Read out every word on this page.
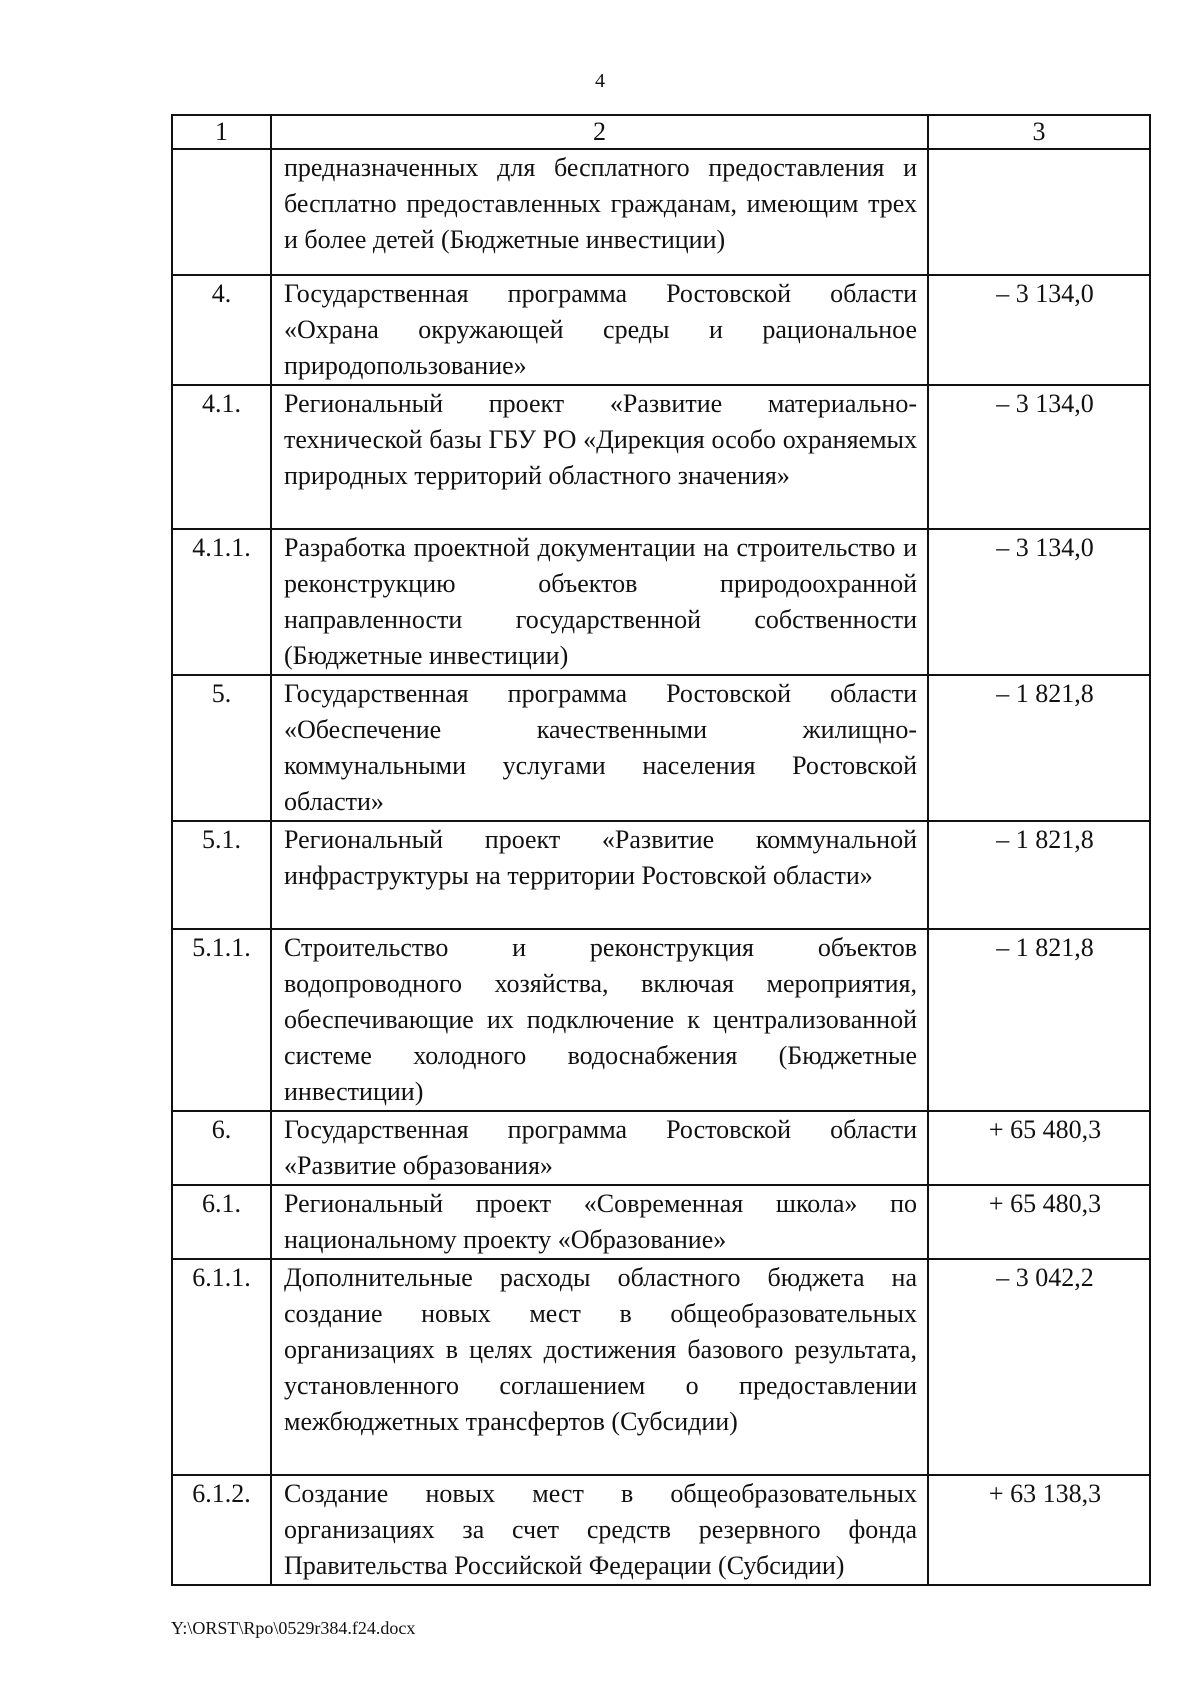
4
1	2	3
	предназначенных для бесплатного предоставления и бесплатно предоставленных гражданам, имеющим трех и более детей (Бюджетные инвестиции)	
4.	Государственная программа Ростовской области «Охрана окружающей среды и рациональное природопользование»	– 3 134,0
4.1.	Региональный проект «Развитие материально-технической базы ГБУ РО «Дирекция особо охраняемых природных территорий областного значения»	– 3 134,0
4.1.1.	Разработка проектной документации на строительство и реконструкцию объектов природоохранной направленности государственной собственности (Бюджетные инвестиции)	– 3 134,0
5.	Государственная программа Ростовской области «Обеспечение качественными жилищно-коммунальными услугами населения Ростовской области»	– 1 821,8
5.1.	Региональный проект «Развитие коммунальной инфраструктуры на территории Ростовской области»	– 1 821,8
5.1.1.	Строительство и реконструкция объектов водопроводного хозяйства, включая мероприятия, обеспечивающие их подключение к централизованной системе холодного водоснабжения (Бюджетные инвестиции)	– 1 821,8
6.	Государственная программа Ростовской области «Развитие образования»	+ 65 480,3
6.1.	Региональный проект «Современная школа» по национальному проекту «Образование»	+ 65 480,3
6.1.1.	Дополнительные расходы областного бюджета на создание новых мест в общеобразовательных организациях в целях достижения базового результата, установленного соглашением о предоставлении межбюджетных трансфертов (Субсидии)	– 3 042,2
6.1.2.	Создание новых мест в общеобразовательных организациях за счет средств резервного фонда Правительства Российской Федерации (Субсидии)	+ 63 138,3
Y:\ORST\Rpo\0529r384.f24.docx
